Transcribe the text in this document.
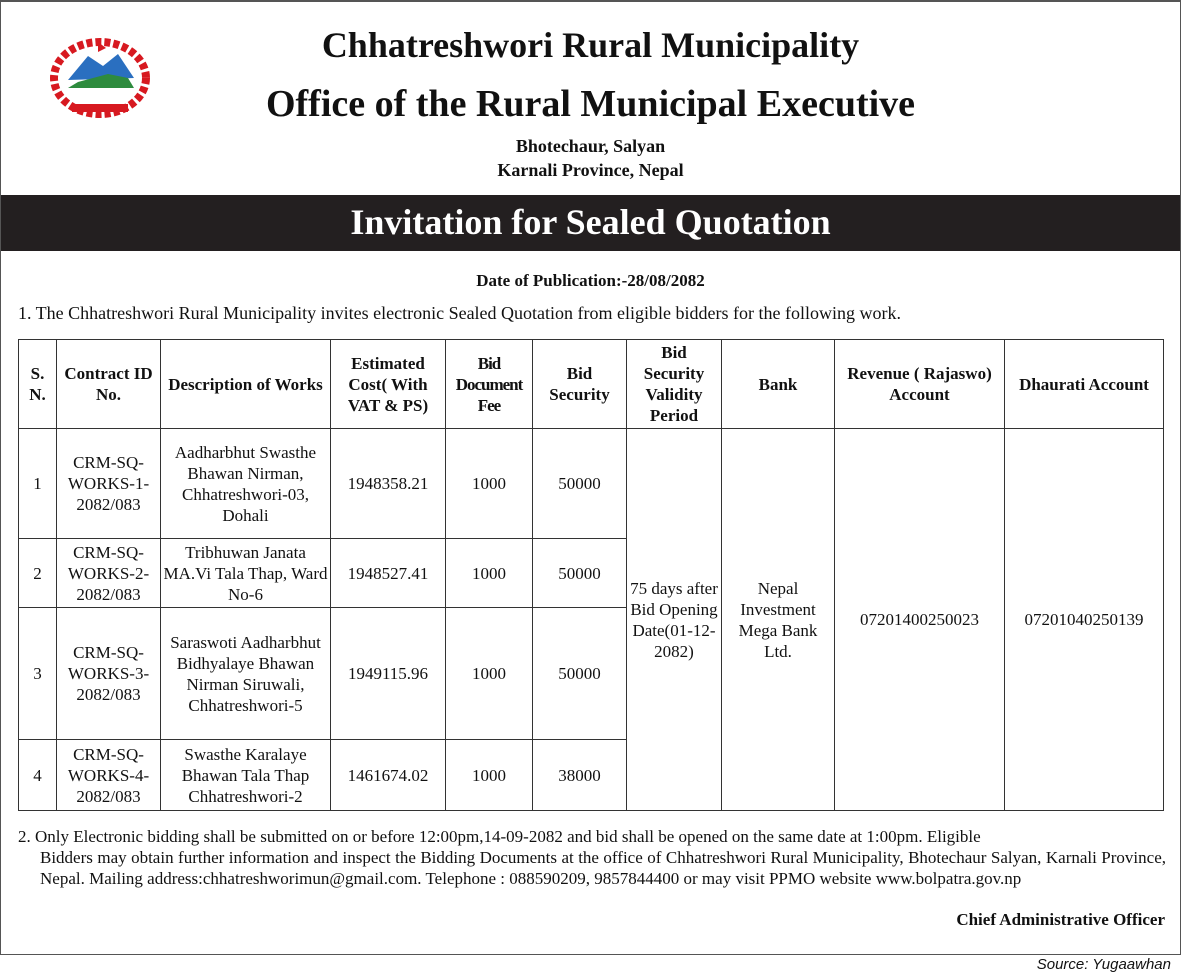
Chhatreshwori Rural Municipality
Office of the Rural Municipal Executive
Bhotechaur, Salyan
Karnali Province, Nepal
Invitation for Sealed Quotation
Date of Publication:-28/08/2082
1. The Chhatreshwori Rural Municipality invites electronic Sealed Quotation from eligible bidders for the following work.
S. N.	Contract ID No.	Description of Works	Estimated Cost( With VAT & PS)	Bid Document Fee	Bid Security	Bid Security Validity Period	Bank	Revenue ( Rajaswo) Account	Dhaurati Account
1	CRM-SQ-WORKS-1-2082/083	Aadharbhut Swasthe Bhawan Nirman, Chhatreshwori-03, Dohali	1948358.21	1000	50000	75 days after Bid Opening Date(01-12-2082)	Nepal Investment Mega Bank Ltd.	07201400250023	07201040250139
2	CRM-SQ-WORKS-2-2082/083	Tribhuwan Janata MA.Vi Tala Thap, Ward No-6	1948527.41	1000	50000				
3	CRM-SQ-WORKS-3-2082/083	Saraswoti Aadharbhut Bidhyalaye Bhawan Nirman Siruwali, Chhatreshwori-5	1949115.96	1000	50000				
4	CRM-SQ-WORKS-4-2082/083	Swasthe Karalaye Bhawan Tala Thap Chhatreshwori-2	1461674.02	1000	38000				
2. Only Electronic bidding shall be submitted on or before 12:00pm,14-09-2082 and bid shall be opened on the same date at 1:00pm. Eligible
Bidders may obtain further information and inspect the Bidding Documents at the office of Chhatreshwori Rural Municipality, Bhotechaur Salyan, Karnali Province, Nepal. Mailing address:chhatreshworimun@gmail.com. Telephone : 088590209, 9857844400 or may visit PPMO website www.bolpatra.gov.np
Chief Administrative Officer
Source: Yugaawhan
